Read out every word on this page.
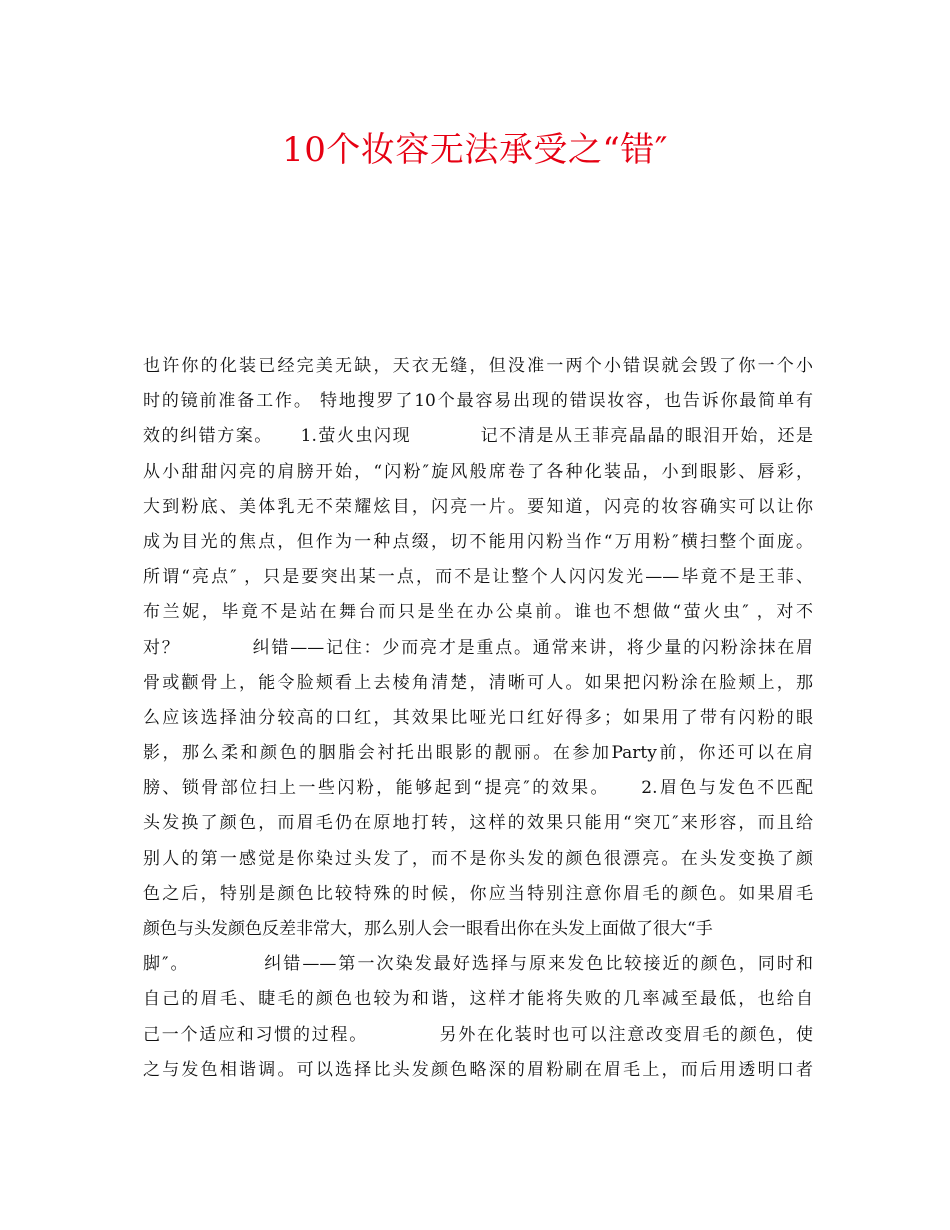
10个妆容无法承受之“错″
也许你的化装已经完美无缺，天衣无缝，但没准一两个小错误就会毁了你一个小
时的镜前准备工作。 特地搜罗了10个最容易出现的错误妆容，也告诉你最简单有
效的纠错方案。    1.萤火虫闪现          记不清是从王菲亮晶晶的眼泪开始，还是
从小甜甜闪亮的肩膀开始，“闪粉″旋风般席卷了各种化装品，小到眼影、唇彩，
大到粉底、美体乳无不荣耀炫目，闪亮一片。要知道，闪亮的妆容确实可以让你
成为目光的焦点，但作为一种点缀，切不能用闪粉当作“万用粉″横扫整个面庞。
所谓“亮点″ ，只是要突出某一点，而不是让整个人闪闪发光——毕竟不是王菲、
布兰妮，毕竟不是站在舞台而只是坐在办公桌前。谁也不想做“萤火虫″ ，对不
对？          纠错——记住：少而亮才是重点。通常来讲，将少量的闪粉涂抹在眉
骨或颧骨上，能令脸颊看上去棱角清楚，清晰可人。如果把闪粉涂在脸颊上，那
么应该选择油分较高的口红，其效果比哑光口红好得多；如果用了带有闪粉的眼
影，那么柔和颜色的胭脂会衬托出眼影的靓丽。在参加Party前，你还可以在肩
膀、锁骨部位扫上一些闪粉，能够起到“提亮″的效果。    2.眉色与发色不匹配
头发换了颜色，而眉毛仍在原地打转，这样的效果只能用“突兀″来形容，而且给
别人的第一感觉是你染过头发了，而不是你头发的颜色很漂亮。在头发变换了颜
色之后，特别是颜色比较特殊的时候，你应当特别注意你眉毛的颜色。如果眉毛
颜色与头发颜色反差非常大，那么别人会一眼看出你在头发上面做了很大“手
脚″。          纠错——第一次染发最好选择与原来发色比较接近的颜色，同时和
自己的眉毛、睫毛的颜色也较为和谐，这样才能将失败的几率减至最低，也给自
己一个适应和习惯的过程。          另外在化装时也可以注意改变眉毛的颜色，使
之与发色相谐调。可以选择比头发颜色略深的眉粉刷在眉毛上，而后用透明口者
